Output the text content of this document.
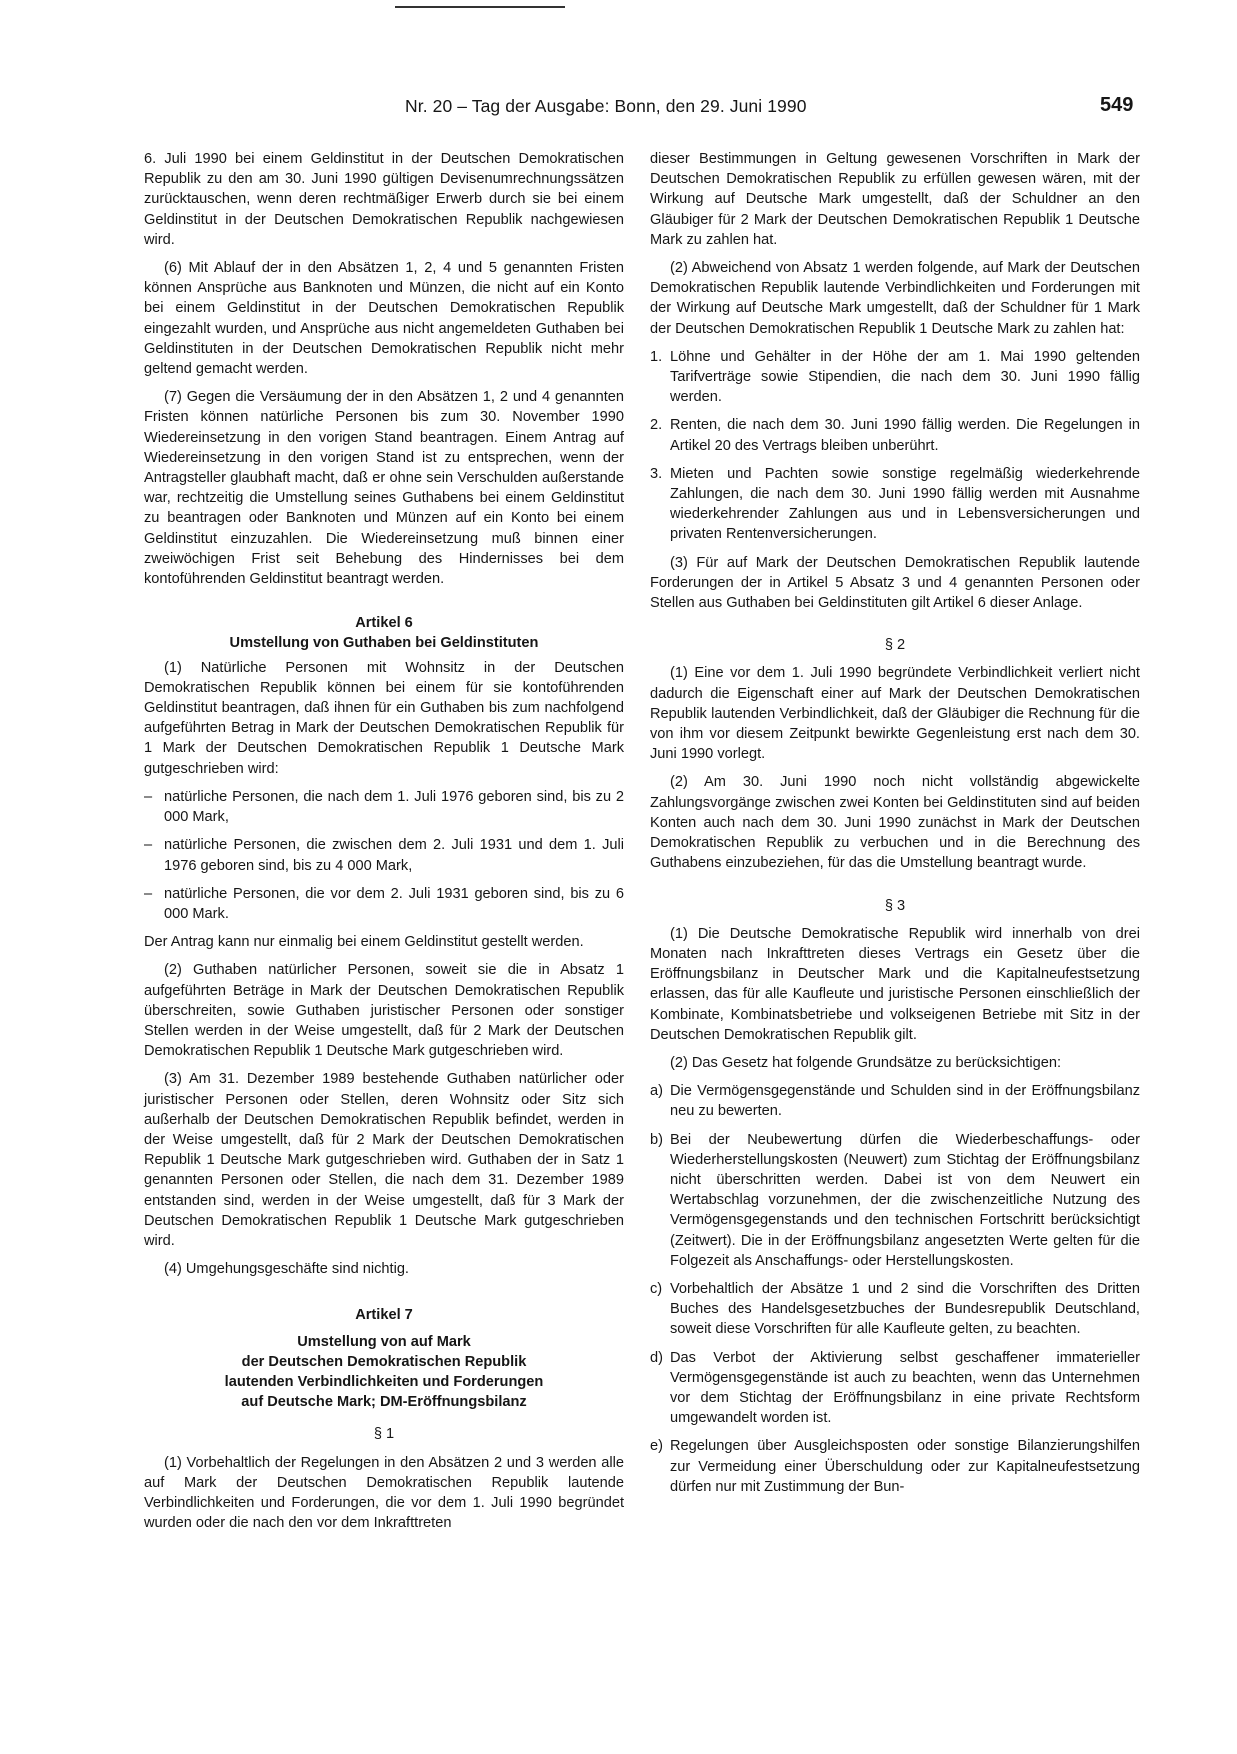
Nr. 20 – Tag der Ausgabe: Bonn, den 29. Juni 1990	549

6. Juli 1990 bei einem Geldinstitut in der Deutschen Demokratischen Republik zu den am 30. Juni 1990 gültigen Devisenumrechnungssätzen zurücktauschen, wenn deren rechtmäßiger Erwerb durch sie bei einem Geldinstitut in der Deutschen Demokratischen Republik nachgewiesen wird.

(6) Mit Ablauf der in den Absätzen 1, 2, 4 und 5 genannten Fristen können Ansprüche aus Banknoten und Münzen, die nicht auf ein Konto bei einem Geldinstitut in der Deutschen Demokratischen Republik eingezahlt wurden, und Ansprüche aus nicht angemeldeten Guthaben bei Geldinstituten in der Deutschen Demokratischen Republik nicht mehr geltend gemacht werden.

(7) Gegen die Versäumung der in den Absätzen 1, 2 und 4 genannten Fristen können natürliche Personen bis zum 30. November 1990 Wiedereinsetzung in den vorigen Stand beantragen. Einem Antrag auf Wiedereinsetzung in den vorigen Stand ist zu entsprechen, wenn der Antragsteller glaubhaft macht, daß er ohne sein Verschulden außerstande war, rechtzeitig die Umstellung seines Guthabens bei einem Geldinstitut zu beantragen oder Banknoten und Münzen auf ein Konto bei einem Geldinstitut einzuzahlen. Die Wiedereinsetzung muß binnen einer zweiwöchigen Frist seit Behebung des Hindernisses bei dem kontoführenden Geldinstitut beantragt werden.

Artikel 6
Umstellung von Guthaben bei Geldinstituten

(1) Natürliche Personen mit Wohnsitz in der Deutschen Demokratischen Republik können bei einem für sie kontoführenden Geldinstitut beantragen, daß ihnen für ein Guthaben bis zum nachfolgend aufgeführten Betrag in Mark der Deutschen Demokratischen Republik für 1 Mark der Deutschen Demokratischen Republik 1 Deutsche Mark gutgeschrieben wird:

– natürliche Personen, die nach dem 1. Juli 1976 geboren sind, bis zu 2 000 Mark,
– natürliche Personen, die zwischen dem 2. Juli 1931 und dem 1. Juli 1976 geboren sind, bis zu 4 000 Mark,
– natürliche Personen, die vor dem 2. Juli 1931 geboren sind, bis zu 6 000 Mark.

Der Antrag kann nur einmalig bei einem Geldinstitut gestellt werden.

(2) Guthaben natürlicher Personen, soweit sie die in Absatz 1 aufgeführten Beträge in Mark der Deutschen Demokratischen Republik überschreiten, sowie Guthaben juristischer Personen oder sonstiger Stellen werden in der Weise umgestellt, daß für 2 Mark der Deutschen Demokratischen Republik 1 Deutsche Mark gutgeschrieben wird.

(3) Am 31. Dezember 1989 bestehende Guthaben natürlicher oder juristischer Personen oder Stellen, deren Wohnsitz oder Sitz sich außerhalb der Deutschen Demokratischen Republik befindet, werden in der Weise umgestellt, daß für 2 Mark der Deutschen Demokratischen Republik 1 Deutsche Mark gutgeschrieben wird. Guthaben der in Satz 1 genannten Personen oder Stellen, die nach dem 31. Dezember 1989 entstanden sind, werden in der Weise umgestellt, daß für 3 Mark der Deutschen Demokratischen Republik 1 Deutsche Mark gutgeschrieben wird.

(4) Umgehungsgeschäfte sind nichtig.

Artikel 7
Umstellung von auf Mark
der Deutschen Demokratischen Republik
lautenden Verbindlichkeiten und Forderungen
auf Deutsche Mark; DM-Eröffnungsbilanz

§ 1

(1) Vorbehaltlich der Regelungen in den Absätzen 2 und 3 werden alle auf Mark der Deutschen Demokratischen Republik lautende Verbindlichkeiten und Forderungen, die vor dem 1. Juli 1990 begründet wurden oder die nach den vor dem Inkrafttreten

dieser Bestimmungen in Geltung gewesenen Vorschriften in Mark der Deutschen Demokratischen Republik zu erfüllen gewesen wären, mit der Wirkung auf Deutsche Mark umgestellt, daß der Schuldner an den Gläubiger für 2 Mark der Deutschen Demokratischen Republik 1 Deutsche Mark zu zahlen hat.

(2) Abweichend von Absatz 1 werden folgende, auf Mark der Deutschen Demokratischen Republik lautende Verbindlichkeiten und Forderungen mit der Wirkung auf Deutsche Mark umgestellt, daß der Schuldner für 1 Mark der Deutschen Demokratischen Republik 1 Deutsche Mark zu zahlen hat:

1. Löhne und Gehälter in der Höhe der am 1. Mai 1990 geltenden Tarifverträge sowie Stipendien, die nach dem 30. Juni 1990 fällig werden.
2. Renten, die nach dem 30. Juni 1990 fällig werden. Die Regelungen in Artikel 20 des Vertrags bleiben unberührt.
3. Mieten und Pachten sowie sonstige regelmäßig wiederkehrende Zahlungen, die nach dem 30. Juni 1990 fällig werden mit Ausnahme wiederkehrender Zahlungen aus und in Lebensversicherungen und privaten Rentenversicherungen.

(3) Für auf Mark der Deutschen Demokratischen Republik lautende Forderungen der in Artikel 5 Absatz 3 und 4 genannten Personen oder Stellen aus Guthaben bei Geldinstituten gilt Artikel 6 dieser Anlage.

§ 2

(1) Eine vor dem 1. Juli 1990 begründete Verbindlichkeit verliert nicht dadurch die Eigenschaft einer auf Mark der Deutschen Demokratischen Republik lautenden Verbindlichkeit, daß der Gläubiger die Rechnung für die von ihm vor diesem Zeitpunkt bewirkte Gegenleistung erst nach dem 30. Juni 1990 vorlegt.

(2) Am 30. Juni 1990 noch nicht vollständig abgewickelte Zahlungsvorgänge zwischen zwei Konten bei Geldinstituten sind auf beiden Konten auch nach dem 30. Juni 1990 zunächst in Mark der Deutschen Demokratischen Republik zu verbuchen und in die Berechnung des Guthabens einzubeziehen, für das die Umstellung beantragt wurde.

§ 3

(1) Die Deutsche Demokratische Republik wird innerhalb von drei Monaten nach Inkrafttreten dieses Vertrags ein Gesetz über die Eröffnungsbilanz in Deutscher Mark und die Kapitalneufestsetzung erlassen, das für alle Kaufleute und juristische Personen einschließlich der Kombinate, Kombinatsbetriebe und volkseigenen Betriebe mit Sitz in der Deutschen Demokratischen Republik gilt.

(2) Das Gesetz hat folgende Grundsätze zu berücksichtigen:

a) Die Vermögensgegenstände und Schulden sind in der Eröffnungsbilanz neu zu bewerten.
b) Bei der Neubewertung dürfen die Wiederbeschaffungs- oder Wiederherstellungskosten (Neuwert) zum Stichtag der Eröffnungsbilanz nicht überschritten werden. Dabei ist von dem Neuwert ein Wertabschlag vorzunehmen, der die zwischenzeitliche Nutzung des Vermögensgegenstands und den technischen Fortschritt berücksichtigt (Zeitwert). Die in der Eröffnungsbilanz angesetzten Werte gelten für die Folgezeit als Anschaffungs- oder Herstellungskosten.
c) Vorbehaltlich der Absätze 1 und 2 sind die Vorschriften des Dritten Buches des Handelsgesetzbuches der Bundesrepublik Deutschland, soweit diese Vorschriften für alle Kaufleute gelten, zu beachten.
d) Das Verbot der Aktivierung selbst geschaffener immaterieller Vermögensgegenstände ist auch zu beachten, wenn das Unternehmen vor dem Stichtag der Eröffnungsbilanz in eine private Rechtsform umgewandelt worden ist.
e) Regelungen über Ausgleichsposten oder sonstige Bilanzierungshilfen zur Vermeidung einer Überschuldung oder zur Kapitalneufestsetzung dürfen nur mit Zustimmung der Bun-
